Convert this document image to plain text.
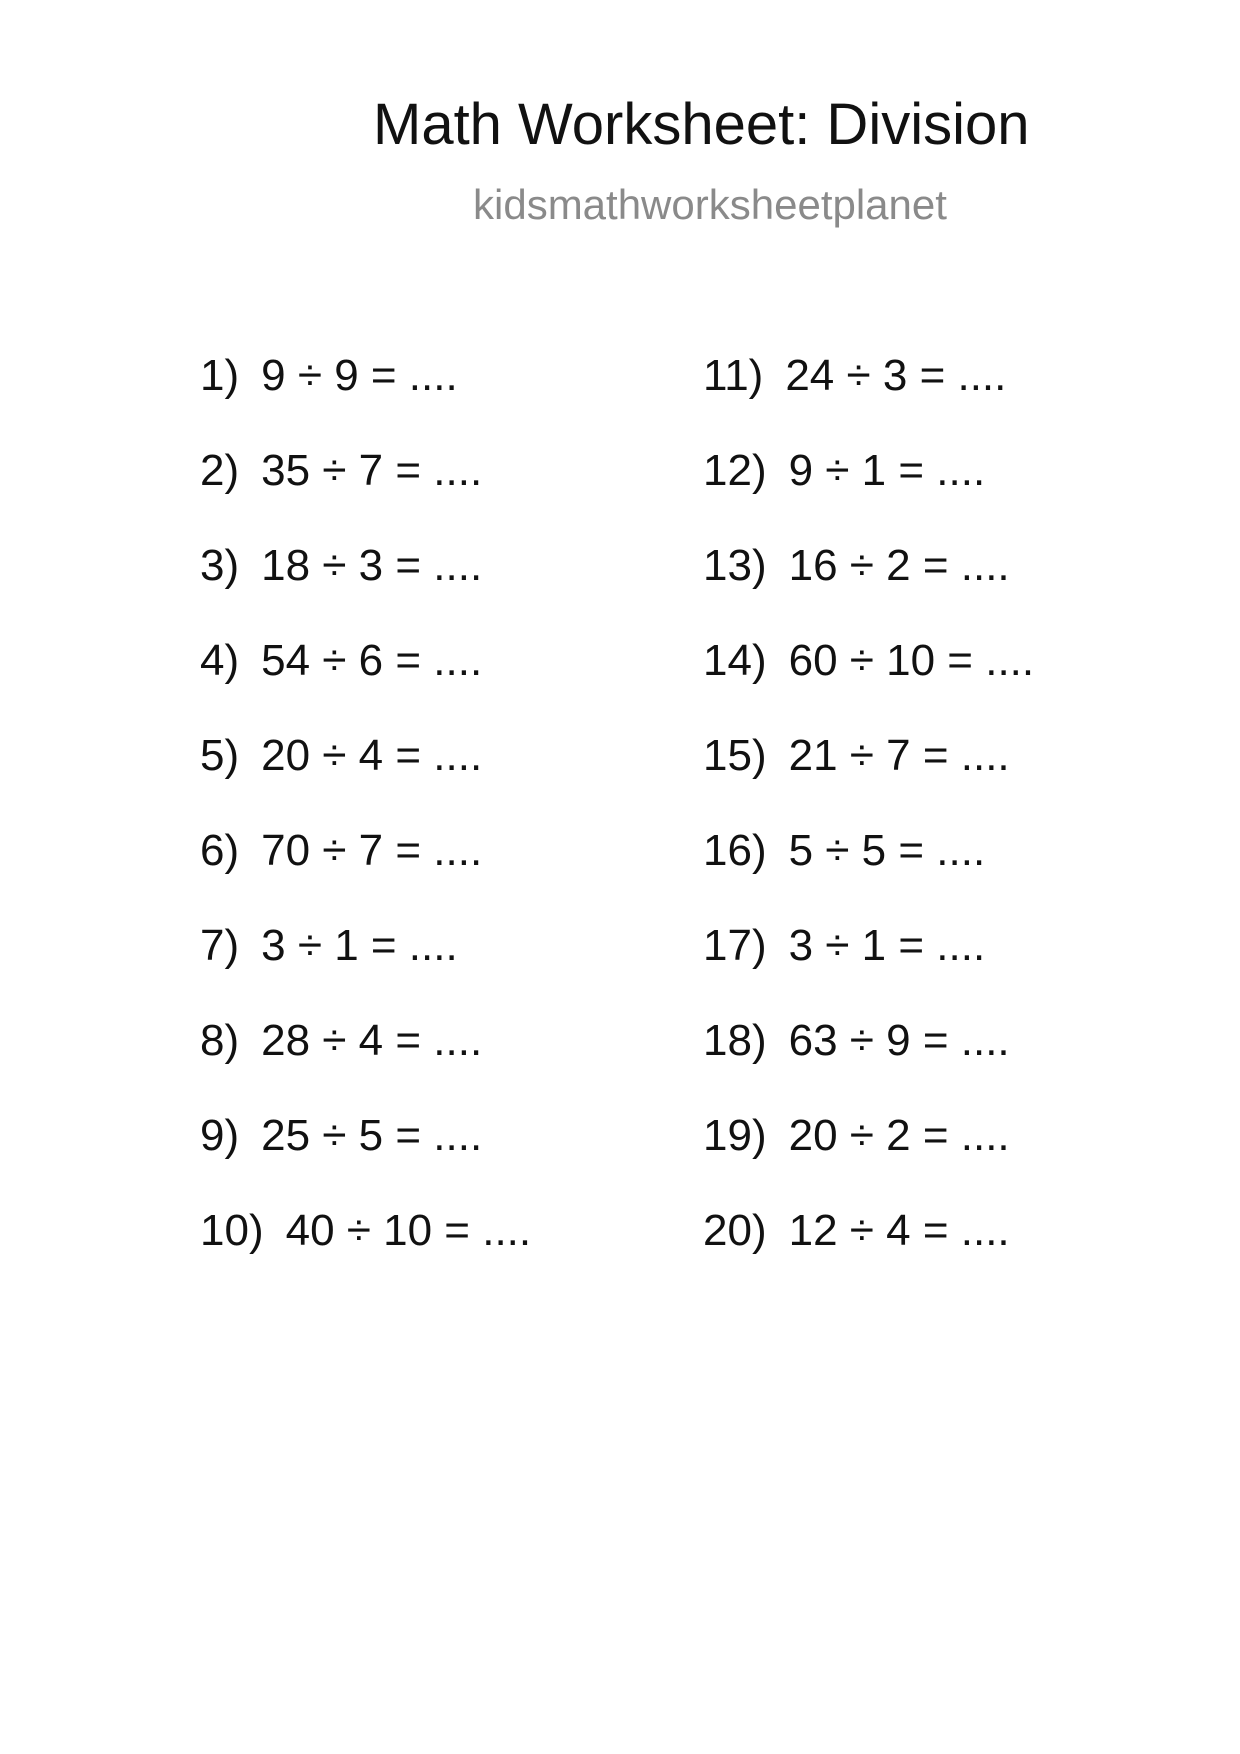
Math Worksheet: Division
kidsmathworksheetplanet
1) 9 ÷ 9 = ....
2) 35 ÷ 7 = ....
3) 18 ÷ 3 = ....
4) 54 ÷ 6 = ....
5) 20 ÷ 4 = ....
6) 70 ÷ 7 = ....
7) 3 ÷ 1 = ....
8) 28 ÷ 4 = ....
9) 25 ÷ 5 = ....
10) 40 ÷ 10 = ....
11) 24 ÷ 3 = ....
12) 9 ÷ 1 = ....
13) 16 ÷ 2 = ....
14) 60 ÷ 10 = ....
15) 21 ÷ 7 = ....
16) 5 ÷ 5 = ....
17) 3 ÷ 1 = ....
18) 63 ÷ 9 = ....
19) 20 ÷ 2 = ....
20) 12 ÷ 4 = ....
